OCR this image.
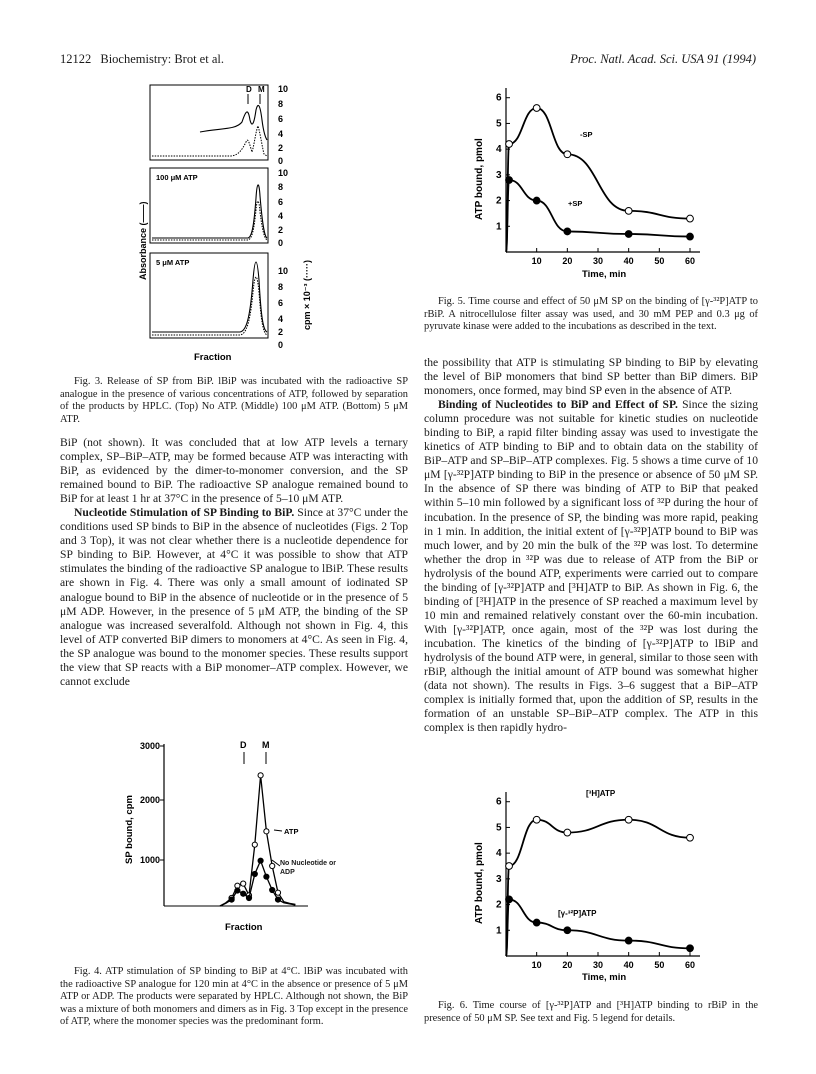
12122 Biochemistry: Brot et al.	Proc. Natl. Acad. Sci. USA 91 (1994)
D M
100 μM ATP
5 μM ATP
10
8
6
4
2
0
10
8
6
4
2
0
10
8
6
4
2
0
Absorbance (——)
cpm × 10⁻³ (·····)
Fraction

Fig. 3. Release of SP from BiP. lBiP was incubated with the radioactive SP analogue in the presence of various concentrations of ATP, followed by separation of the products by HPLC. (Top) No ATP. (Middle) 100 μM ATP. (Bottom) 5 μM ATP.

BiP (not shown). It was concluded that at low ATP levels a ternary complex, SP–BiP–ATP, may be formed because ATP was interacting with BiP, as evidenced by the dimer-to-monomer conversion, and the SP remained bound to BiP. The radioactive SP analogue remained bound to BiP for at least 1 hr at 37°C in the presence of 5–10 μM ATP.

Nucleotide Stimulation of SP Binding to BiP. Since at 37°C under the conditions used SP binds to BiP in the absence of nucleotides (Figs. 2 Top and 3 Top), it was not clear whether there is a nucleotide dependence for SP binding to BiP. However, at 4°C it was possible to show that ATP stimulates the binding of the radioactive SP analogue to lBiP. These results are shown in Fig. 4. There was only a small amount of iodinated SP analogue bound to BiP in the absence of nucleotide or in the presence of 5 μM ADP. However, in the presence of 5 μM ATP, the binding of the SP analogue was increased severalfold. Although not shown in Fig. 4, this level of ATP converted BiP dimers to monomers at 4°C. As seen in Fig. 4, the SP analogue was bound to the monomer species. These results support the view that SP reacts with a BiP monomer–ATP complex. However, we cannot exclude

D M
3000
2000
1000
SP bound, cpm
Fraction
ATP
No Nucleotide or ADP

Fig. 4. ATP stimulation of SP binding to BiP at 4°C. lBiP was incubated with the radioactive SP analogue for 120 min at 4°C in the absence or presence of 5 μM ATP or ADP. The products were separated by HPLC. Although not shown, the BiP was a mixture of both monomers and dimers as in Fig. 3 Top except in the presence of ATP, where the monomer species was the predominant form.

ATP bound, pmol
Time, min
6
5
4
3
2
1
10 20 30 40 50 60
-SP
+SP

Fig. 5. Time course and effect of 50 μM SP on the binding of [γ-³²P]ATP to rBiP. A nitrocellulose filter assay was used, and 30 mM PEP and 0.3 μg of pyruvate kinase were added to the incubations as described in the text.

the possibility that ATP is stimulating SP binding to BiP by elevating the level of BiP monomers that bind SP better than BiP dimers. BiP monomers, once formed, may bind SP even in the absence of ATP.

Binding of Nucleotides to BiP and Effect of SP. Since the sizing column procedure was not suitable for kinetic studies on nucleotide binding to BiP, a rapid filter binding assay was used to investigate the kinetics of ATP binding to BiP and to obtain data on the stability of BiP–ATP and SP–BiP–ATP complexes. Fig. 5 shows a time curve of 10 μM [γ-³²P]ATP binding to BiP in the presence or absence of 50 μM SP. In the absence of SP there was binding of ATP to BiP that peaked within 5–10 min followed by a significant loss of ³²P during the hour of incubation. In the presence of SP, the binding was more rapid, peaking in 1 min. In addition, the initial extent of [γ-³²P]ATP bound to BiP was much lower, and by 20 min the bulk of the ³²P was lost. To determine whether the drop in ³²P was due to release of ATP from the BiP or hydrolysis of the bound ATP, experiments were carried out to compare the binding of [γ-³²P]ATP and [³H]ATP to BiP. As shown in Fig. 6, the binding of [³H]ATP in the presence of SP reached a maximum level by 10 min and remained relatively constant over the 60-min incubation. With [γ-³²P]ATP, once again, most of the ³²P was lost during the incubation. The kinetics of the binding of [γ-³²P]ATP to lBiP and hydrolysis of the bound ATP were, in general, similar to those seen with rBiP, although the initial amount of ATP bound was somewhat higher (data not shown). The results in Figs. 3–6 suggest that a BiP–ATP complex is initially formed that, upon the addition of SP, results in the formation of an unstable SP–BiP–ATP complex. The ATP in this complex is then rapidly hydro-

ATP bound, pmol
Time, min
6
5
4
3
2
1
10 20 30 40 50 60
[³H]ATP
[γ-³²P]ATP

Fig. 6. Time course of [γ-³²P]ATP and [³H]ATP binding to rBiP in the presence of 50 μM SP. See text and Fig. 5 legend for details.
